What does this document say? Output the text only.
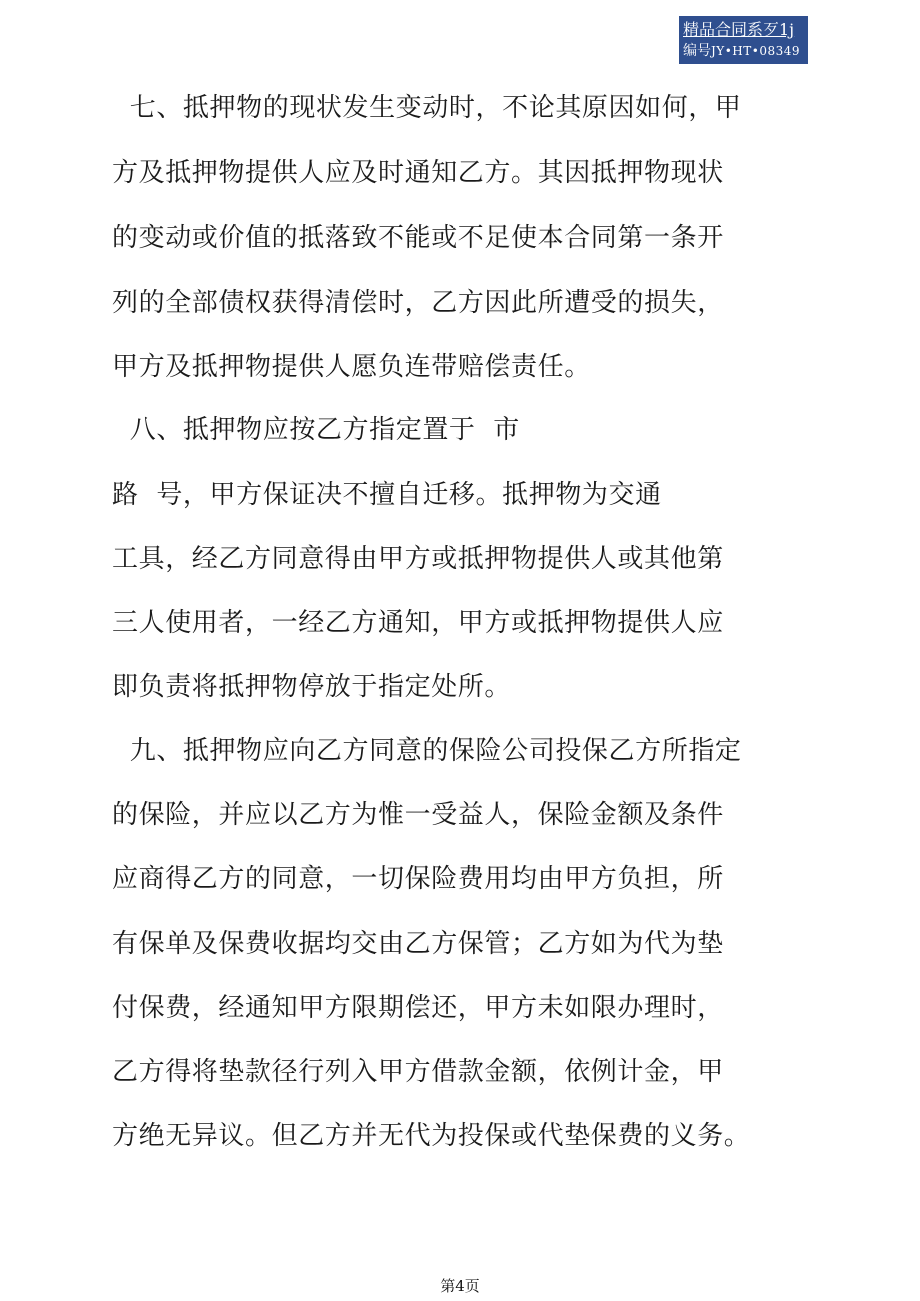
精品合同系歹1j
编号JY•HT•08349
七、抵押物的现状发生变动时，不论其原因如何，甲
方及抵押物提供人应及时通知乙方。其因抵押物现状
的变动或价值的抵落致不能或不足使本合同第一条开
列的全部债权获得清偿时，乙方因此所遭受的损失，
甲方及抵押物提供人愿负连带赔偿责任。
八、抵押物应按乙方指定置于  市
路  号，甲方保证决不擅自迁移。抵押物为交通
工具，经乙方同意得由甲方或抵押物提供人或其他第
三人使用者，一经乙方通知，甲方或抵押物提供人应
即负责将抵押物停放于指定处所。
九、抵押物应向乙方同意的保险公司投保乙方所指定
的保险，并应以乙方为惟一受益人，保险金额及条件
应商得乙方的同意，一切保险费用均由甲方负担，所
有保单及保费收据均交由乙方保管；乙方如为代为垫
付保费，经通知甲方限期偿还，甲方未如限办理时，
乙方得将垫款径行列入甲方借款金额，依例计金，甲
方绝无异议。但乙方并无代为投保或代垫保费的义务。
第4页
